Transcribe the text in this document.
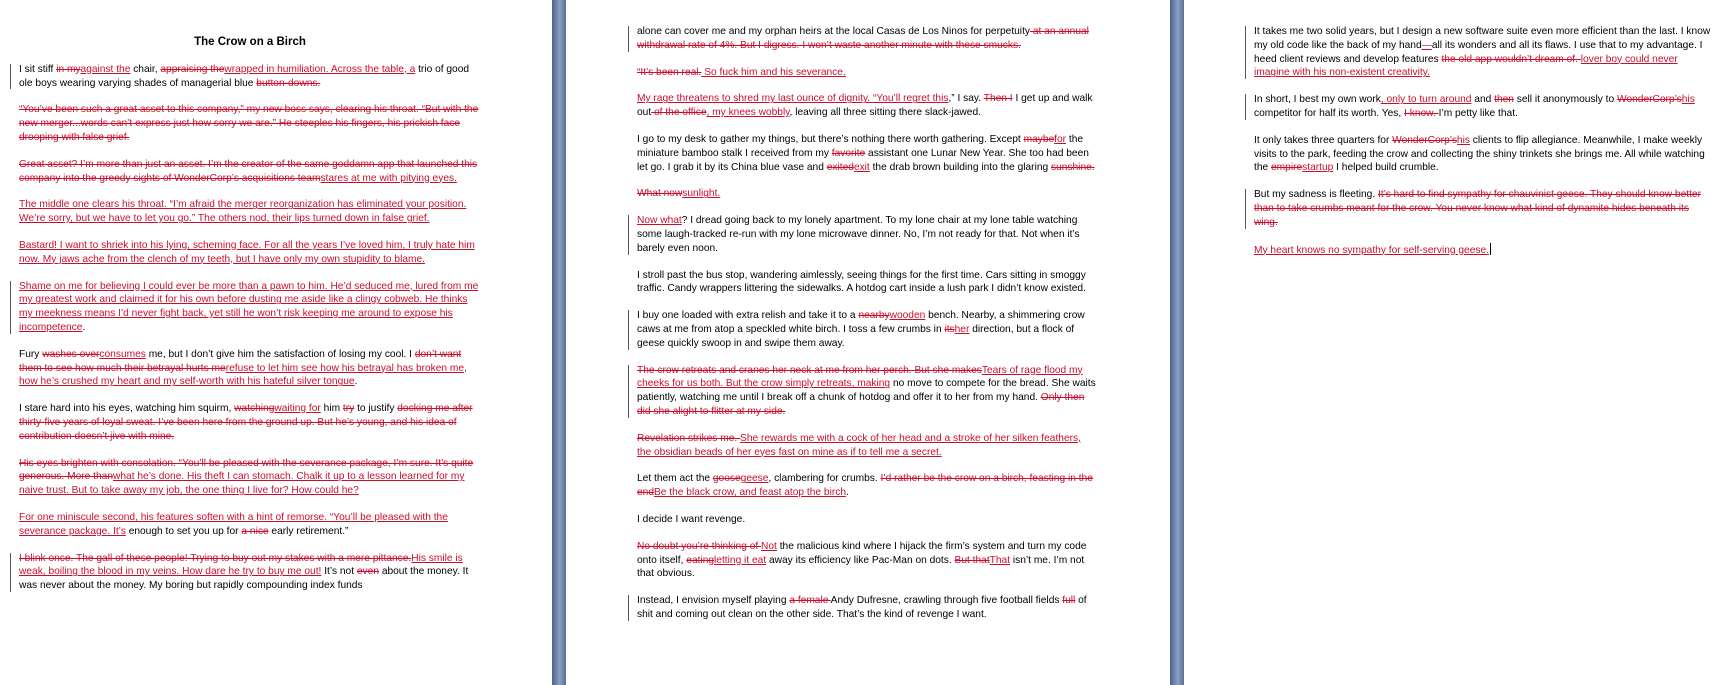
The Crow on a Birch

I sit stiff in myagainst the chair, appraising thewrapped in humiliation. Across the table, a trio of good ole boys wearing varying shades of managerial blue button-downs.

“You’ve been such a great asset to this company,” my new boss says, clearing his throat. “But with the new merger...words can’t express just how sorry we are.” He steeples his fingers, his prickish face drooping with false grief.

Great asset? I’m more than just an asset. I’m the creator of the same goddamn app that launched this company into the greedy sights of WonderCorp’s acquisitions teamstares at me with pitying eyes.

The middle one clears his throat. “I’m afraid the merger reorganization has eliminated your position. We’re sorry, but we have to let you go.” The others nod, their lips turned down in false grief.

Bastard! I want to shriek into his lying, scheming face. For all the years I’ve loved him, I truly hate him now. My jaws ache from the clench of my teeth, but I have only my own stupidity to blame.

Shame on me for believing I could ever be more than a pawn to him. He’d seduced me, lured from me my greatest work and claimed it for his own before dusting me aside like a clingy cobweb. He thinks my meekness means I’d never fight back, yet still he won’t risk keeping me around to expose his incompetence.

Fury washes overconsumes me, but I don’t give him the satisfaction of losing my cool. I don’t want them to see how much their betrayal hurts merefuse to let him see how his betrayal has broken me, how he’s crushed my heart and my self-worth with his hateful silver tongue.

I stare hard into his eyes, watching him squirm, watchingwaiting for him try to justify docking me after thirty-five years of loyal sweat. I’ve been here from the ground up. But he’s young, and his idea of contribution doesn’t jive with mine.

His eyes brighten with consolation. “You’ll be pleased with the severance package, I’m sure. It’s quite generous. More thanwhat he’s done. His theft I can stomach. Chalk it up to a lesson learned for my naive trust. But to take away my job, the one thing I live for? How could he?

For one miniscule second, his features soften with a hint of remorse. “You’ll be pleased with the severance package. It’s enough to set you up for a nice early retirement.”

I blink once. The gall of these people! Trying to buy out my stakes with a mere pittance.His smile is weak, boiling the blood in my veins. How dare he try to buy me out! It’s not even about the money. It was never about the money. My boring but rapidly compounding index funds

alone can cover me and my orphan heirs at the local Casas de Los Ninos for perpetuity at an annual withdrawal rate of 4%. But I digress. I won’t waste another minute with these smucks.

“It’s been real. So fuck him and his severance.

My rage threatens to shred my last ounce of dignity. “You’ll regret this,” I say. Then I I get up and walk out of the office, my knees wobbly, leaving all three sitting there slack-jawed.

I go to my desk to gather my things, but there’s nothing there worth gathering. Except maybefor the miniature bamboo stalk I received from my favorite assistant one Lunar New Year. She too had been let go. I grab it by its China blue vase and exitedexit the drab brown building into the glaring sunshine.

What nowsunlight.

Now what? I dread going back to my lonely apartment. To my lone chair at my lone table watching some laugh-tracked re-run with my lone microwave dinner. No, I’m not ready for that. Not when it’s barely even noon.

I stroll past the bus stop, wandering aimlessly, seeing things for the first time. Cars sitting in smoggy traffic. Candy wrappers littering the sidewalks. A hotdog cart inside a lush park I didn’t know existed.

I buy one loaded with extra relish and take it to a nearbywooden bench. Nearby, a shimmering crow caws at me from atop a speckled white birch. I toss a few crumbs in itsher direction, but a flock of geese quickly swoop in and swipe them away.

The crow retreats and cranes her neck at me from her perch. But she makesTears of rage flood my cheeks for us both. But the crow simply retreats, making no move to compete for the bread. She waits patiently, watching me until I break off a chunk of hotdog and offer it to her from my hand. Only then did she alight to flitter at my side.

Revelation strikes me. She rewards me with a cock of her head and a stroke of her silken feathers, the obsidian beads of her eyes fast on mine as if to tell me a secret.

Let them act the goosegeese, clambering for crumbs. I’d rather be the crow on a birch, feasting in the endBe the black crow, and feast atop the birch.

I decide I want revenge.

No doubt you’re thinking of Not the malicious kind where I hijack the firm’s system and turn my code onto itself, eatingletting it eat away its efficiency like Pac-Man on dots. But thatThat isn’t me. I’m not that obvious.

Instead, I envision myself playing a female Andy Dufresne, crawling through five football fields full of shit and coming out clean on the other side. That’s the kind of revenge I want.

It takes me two solid years, but I design a new software suite even more efficient than the last. I know my old code like the back of my hand—all its wonders and all its flaws. I use that to my advantage. I heed client reviews and develop features the old app wouldn’t dream of. lover boy could never imagine with his non-existent creativity.

In short, I best my own work, only to turn around and then sell it anonymously to WonderCorp’shis competitor for half its worth. Yes, I know. I’m petty like that.

It only takes three quarters for WonderCorp’shis clients to flip allegiance. Meanwhile, I make weekly visits to the park, feeding the crow and collecting the shiny trinkets she brings me. All while watching the empirestartup I helped build crumble.

But my sadness is fleeting. It’s hard to find sympathy for chauvinist geese. They should know better than to take crumbs meant for the crow. You never know what kind of dynamite hides beneath its wing.

My heart knows no sympathy for self-serving geese.
